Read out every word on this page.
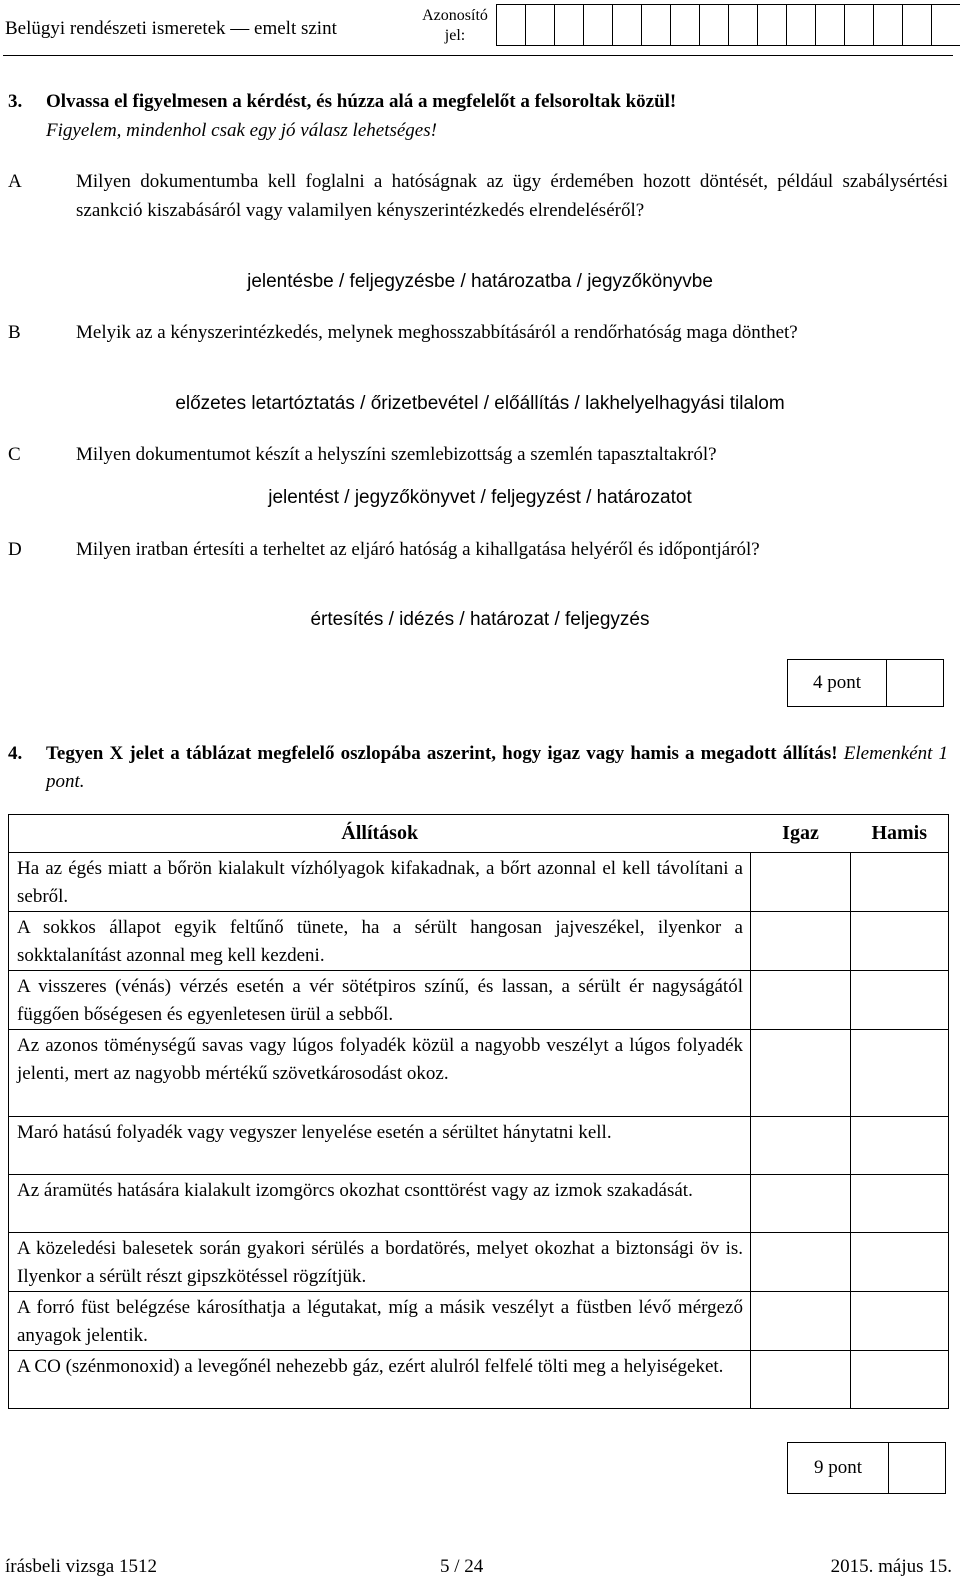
Belügyi rendészeti ismeretek — emelt szint
Azonosító
jel:
3. Olvassa el figyelmesen a kérdést, és húzza alá a megfelelőt a felsoroltak közül!
Figyelem, mindenhol csak egy jó válasz lehetséges!
A	Milyen dokumentumba kell foglalni a hatóságnak az ügy érdemében hozott döntését, például szabálysértési szankció kiszabásáról vagy valamilyen kényszerintézkedés elrendeléséről?
jelentésbe / feljegyzésbe / határozatba / jegyzőkönyvbe
B	Melyik az a kényszerintézkedés, melynek meghosszabbításáról a rendőrhatóság maga dönthet?
előzetes letartóztatás / őrizetbevétel / előállítás / lakhelyelhagyási tilalom
C	Milyen dokumentumot készít a helyszíni szemlebizottság a szemlén tapasztaltakról?
jelentést / jegyzőkönyvet / feljegyzést / határozatot
D	Milyen iratban értesíti a terheltet az eljáró hatóság a kihallgatása helyéről és időpontjáról?
értesítés / idézés / határozat / feljegyzés
4 pont
4. Tegyen X jelet a táblázat megfelelő oszlopába aszerint, hogy igaz vagy hamis a megadott állítás! Elemenként 1 pont.
Állítások	Igaz	Hamis
Ha az égés miatt a bőrön kialakult vízhólyagok kifakadnak, a bőrt azonnal el kell távolítani a sebről.		
A sokkos állapot egyik feltűnő tünete, ha a sérült hangosan jajveszékel, ilyenkor a sokktalanítást azonnal meg kell kezdeni.		
A visszeres (vénás) vérzés esetén a vér sötétpiros színű, és lassan, a sérült ér nagyságától függően bőségesen és egyenletesen ürül a sebből.		
Az azonos töménységű savas vagy lúgos folyadék közül a nagyobb veszélyt a lúgos folyadék jelenti, mert az nagyobb mértékű szövetkárosodást okoz.		
Maró hatású folyadék vagy vegyszer lenyelése esetén a sérültet hánytatni kell.		
Az áramütés hatására kialakult izomgörcs okozhat csonttörést vagy az izmok szakadását.		
A közeledési balesetek során gyakori sérülés a bordatörés, melyet okozhat a biztonsági öv is. Ilyenkor a sérült részt gipszkötéssel rögzítjük.		
A forró füst belégzése károsíthatja a légutakat, míg a másik veszélyt a füstben lévő mérgező anyagok jelentik.		
A CO (szénmonoxid) a levegőnél nehezebb gáz, ezért alulról felfelé tölti meg a helyiségeket.		
9 pont
írásbeli vizsga 1512	5 / 24	2015. május 15.
